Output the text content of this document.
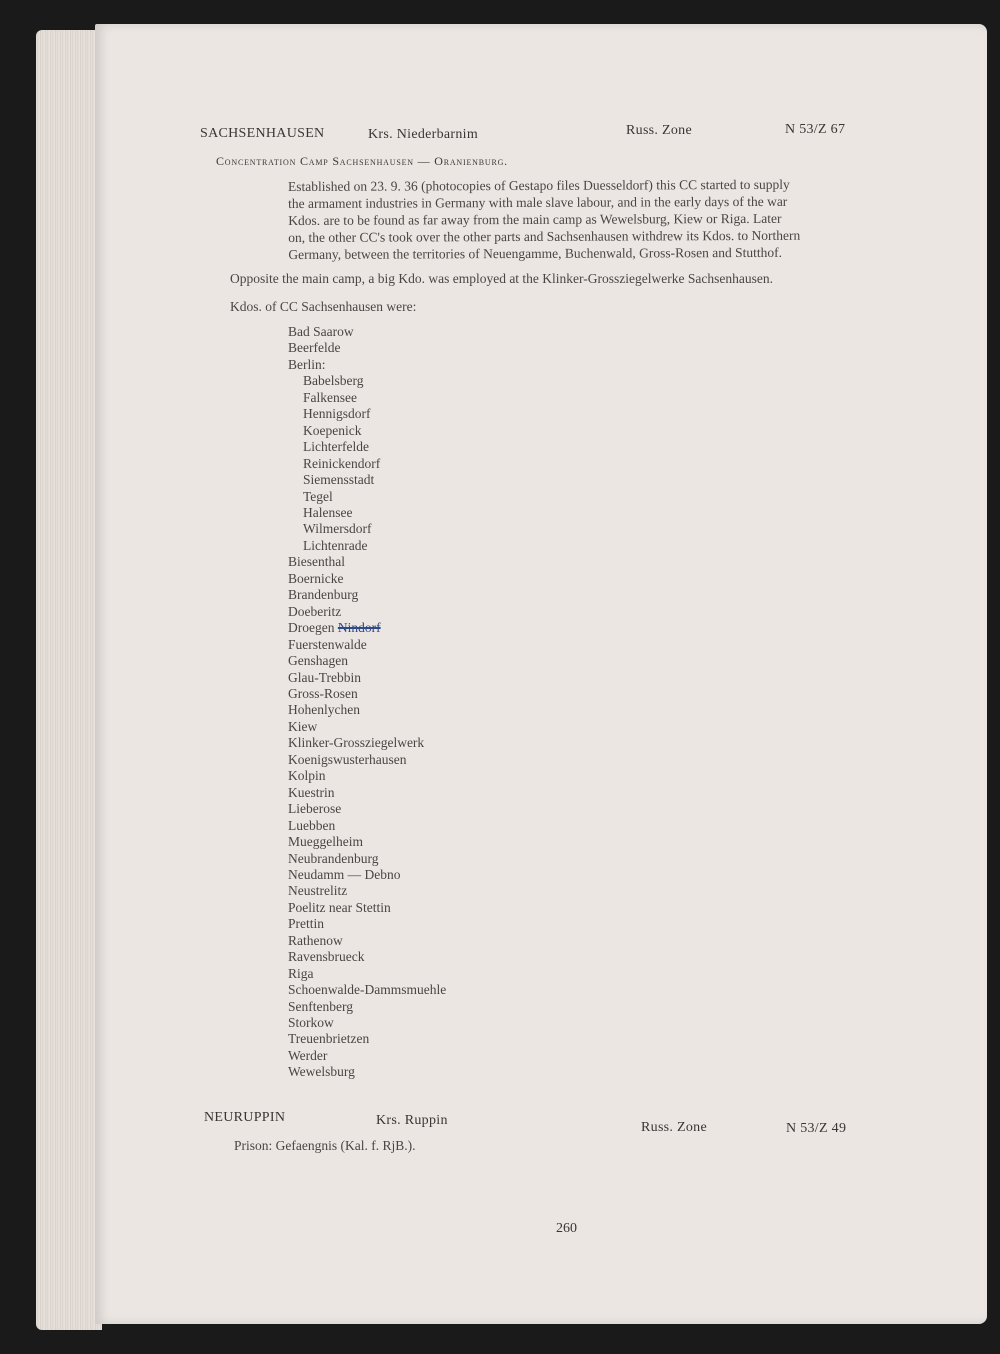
SACHSENHAUSEN	Krs. Niederbarnim	Russ. Zone	N 53/Z 67
Concentration Camp Sachsenhausen — Oranienburg.
Established on 23. 9. 36 (photocopies of Gestapo files Duesseldorf) this CC started to supply
the armament industries in Germany with male slave labour, and in the early days of the war
Kdos. are to be found as far away from the main camp as Wewelsburg, Kiew or Riga. Later
on, the other CC's took over the other parts and Sachsenhausen withdrew its Kdos. to Northern
Germany, between the territories of Neuengamme, Buchenwald, Gross-Rosen and Stutthof.
Opposite the main camp, a big Kdo. was employed at the Klinker-Grossziegelwerke Sachsenhausen.
Kdos. of CC Sachsenhausen were:
Bad Saarow
Beerfelde
Berlin:
Babelsberg
Falkensee
Hennigsdorf
Koepenick
Lichterfelde
Reinickendorf
Siemensstadt
Tegel
Halensee
Wilmersdorf
Lichtenrade
Biesenthal
Boernicke
Brandenburg
Doeberitz
Droegen Nindorf
Fuerstenwalde
Genshagen
Glau-Trebbin
Gross-Rosen
Hohenlychen
Kiew
Klinker-Grossziegelwerk
Koenigswusterhausen
Kolpin
Kuestrin
Lieberose
Luebben
Mueggelheim
Neubrandenburg
Neudamm — Debno
Neustrelitz
Poelitz near Stettin
Prettin
Rathenow
Ravensbrueck
Riga
Schoenwalde-Dammsmuehle
Senftenberg
Storkow
Treuenbrietzen
Werder
Wewelsburg
NEURUPPIN	Krs. Ruppin	Russ. Zone	N 53/Z 49
Prison: Gefaengnis (Kal. f. RjB.).
260
